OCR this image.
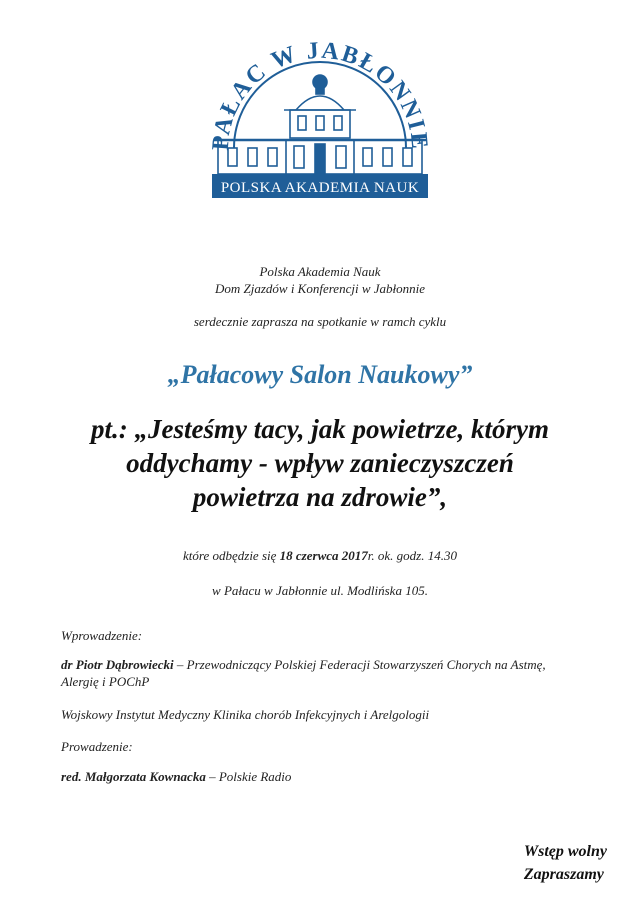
PAŁAC W JABŁONNIE
POLSKA AKADEMIA NAUK
Polska Akademia Nauk
Dom Zjazdów i Konferencji w Jabłonnie
serdecznie zaprasza na spotkanie w ramch cyklu
„Pałacowy Salon Naukowy”
pt.: „Jesteśmy tacy, jak powietrze, którym
oddychamy - wpływ zanieczyszczeń
powietrza na zdrowie”,
które odbędzie się 18 czerwca 2017r. ok. godz. 14.30
w Pałacu w Jabłonnie ul. Modlińska 105.
Wprowadzenie:
dr Piotr Dąbrowiecki – Przewodniczący Polskiej Federacji Stowarzyszeń Chorych na Astmę, Alergię i POChP
Wojskowy Instytut Medyczny Klinika chorób Infekcyjnych i Arelgologii
Prowadzenie:
red. Małgorzata Kownacka – Polskie Radio
Wstęp wolny
Zapraszamy
